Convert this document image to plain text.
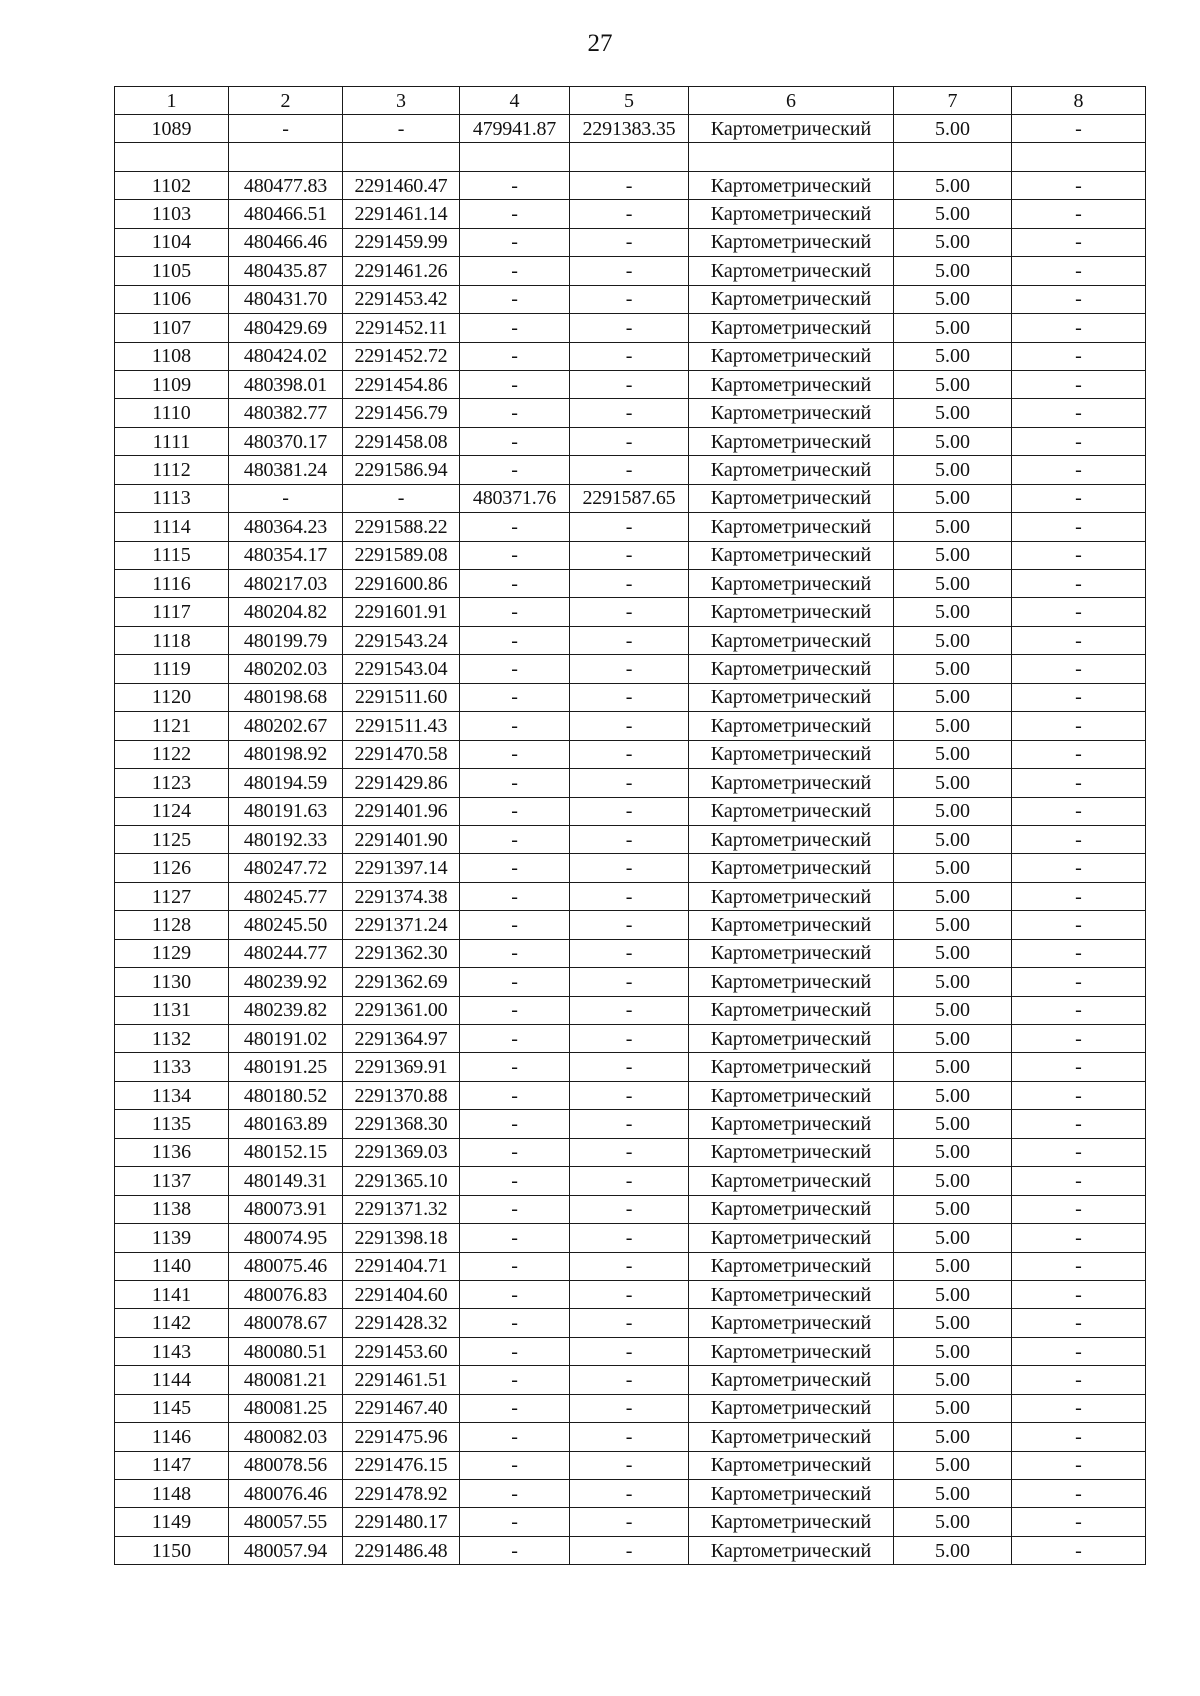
27
1	2	3	4	5	6	7	8
1089	-	-	479941.87	2291383.35	Картометрический	5.00	-

1102	480477.83	2291460.47	-	-	Картометрический	5.00	-
1103	480466.51	2291461.14	-	-	Картометрический	5.00	-
1104	480466.46	2291459.99	-	-	Картометрический	5.00	-
1105	480435.87	2291461.26	-	-	Картометрический	5.00	-
1106	480431.70	2291453.42	-	-	Картометрический	5.00	-
1107	480429.69	2291452.11	-	-	Картометрический	5.00	-
1108	480424.02	2291452.72	-	-	Картометрический	5.00	-
1109	480398.01	2291454.86	-	-	Картометрический	5.00	-
1110	480382.77	2291456.79	-	-	Картометрический	5.00	-
1111	480370.17	2291458.08	-	-	Картометрический	5.00	-
1112	480381.24	2291586.94	-	-	Картометрический	5.00	-
1113	-	-	480371.76	2291587.65	Картометрический	5.00	-
1114	480364.23	2291588.22	-	-	Картометрический	5.00	-
1115	480354.17	2291589.08	-	-	Картометрический	5.00	-
1116	480217.03	2291600.86	-	-	Картометрический	5.00	-
1117	480204.82	2291601.91	-	-	Картометрический	5.00	-
1118	480199.79	2291543.24	-	-	Картометрический	5.00	-
1119	480202.03	2291543.04	-	-	Картометрический	5.00	-
1120	480198.68	2291511.60	-	-	Картометрический	5.00	-
1121	480202.67	2291511.43	-	-	Картометрический	5.00	-
1122	480198.92	2291470.58	-	-	Картометрический	5.00	-
1123	480194.59	2291429.86	-	-	Картометрический	5.00	-
1124	480191.63	2291401.96	-	-	Картометрический	5.00	-
1125	480192.33	2291401.90	-	-	Картометрический	5.00	-
1126	480247.72	2291397.14	-	-	Картометрический	5.00	-
1127	480245.77	2291374.38	-	-	Картометрический	5.00	-
1128	480245.50	2291371.24	-	-	Картометрический	5.00	-
1129	480244.77	2291362.30	-	-	Картометрический	5.00	-
1130	480239.92	2291362.69	-	-	Картометрический	5.00	-
1131	480239.82	2291361.00	-	-	Картометрический	5.00	-
1132	480191.02	2291364.97	-	-	Картометрический	5.00	-
1133	480191.25	2291369.91	-	-	Картометрический	5.00	-
1134	480180.52	2291370.88	-	-	Картометрический	5.00	-
1135	480163.89	2291368.30	-	-	Картометрический	5.00	-
1136	480152.15	2291369.03	-	-	Картометрический	5.00	-
1137	480149.31	2291365.10	-	-	Картометрический	5.00	-
1138	480073.91	2291371.32	-	-	Картометрический	5.00	-
1139	480074.95	2291398.18	-	-	Картометрический	5.00	-
1140	480075.46	2291404.71	-	-	Картометрический	5.00	-
1141	480076.83	2291404.60	-	-	Картометрический	5.00	-
1142	480078.67	2291428.32	-	-	Картометрический	5.00	-
1143	480080.51	2291453.60	-	-	Картометрический	5.00	-
1144	480081.21	2291461.51	-	-	Картометрический	5.00	-
1145	480081.25	2291467.40	-	-	Картометрический	5.00	-
1146	480082.03	2291475.96	-	-	Картометрический	5.00	-
1147	480078.56	2291476.15	-	-	Картометрический	5.00	-
1148	480076.46	2291478.92	-	-	Картометрический	5.00	-
1149	480057.55	2291480.17	-	-	Картометрический	5.00	-
1150	480057.94	2291486.48	-	-	Картометрический	5.00	-
